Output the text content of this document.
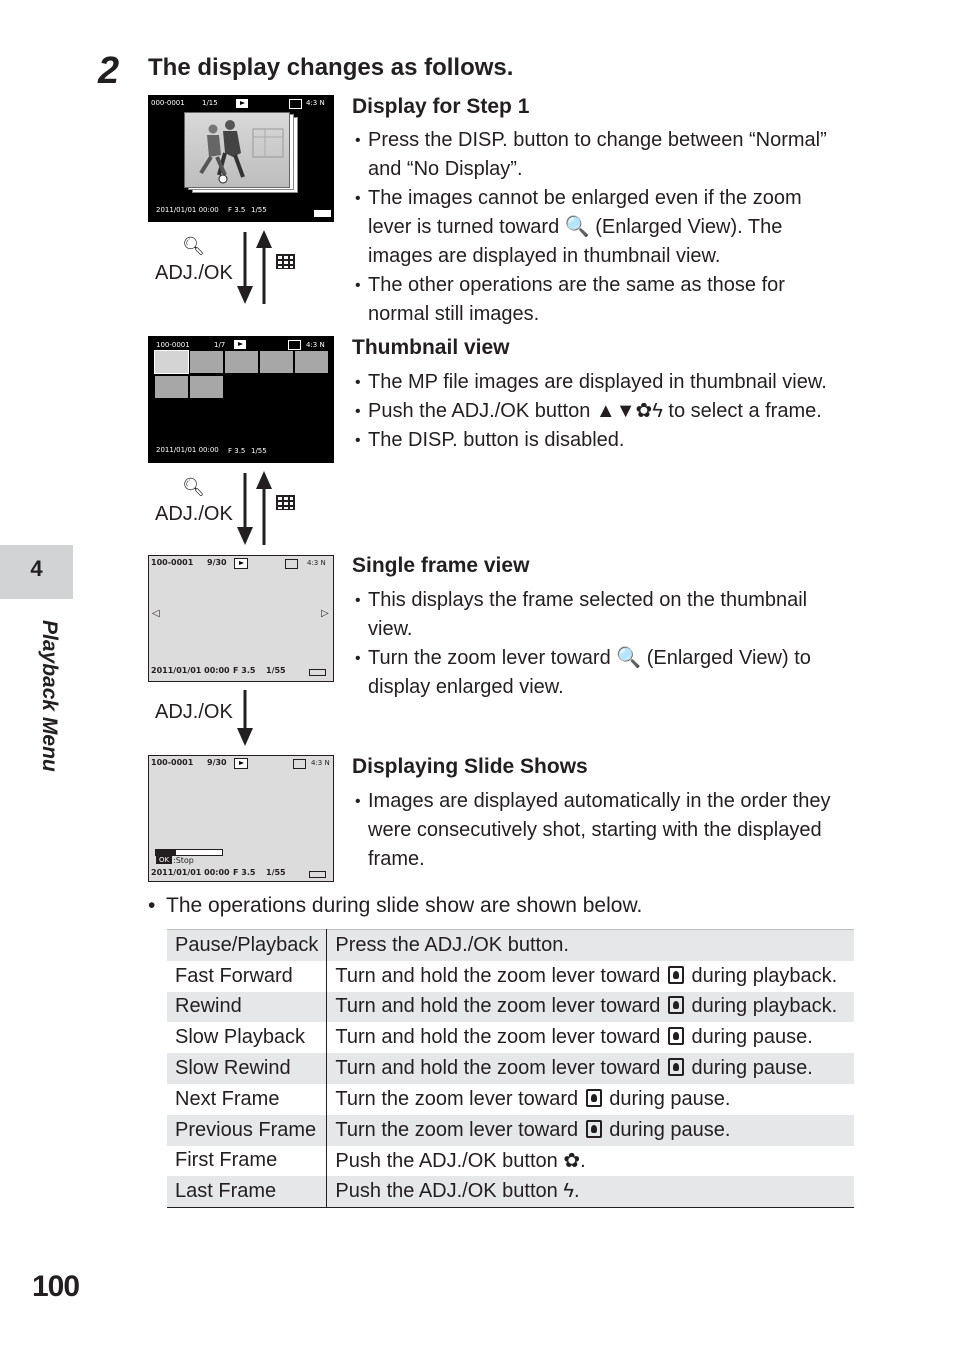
2 The display changes as follows.
000-0001 1/15	4:3 N
2011/01/01 00:00 F 3.5 1/55
🔍︎
ADJ./OK
Display for Step 1
• Press the DISP. button to change between “Normal” and “No Display”.
• The images cannot be enlarged even if the zoom lever is turned toward 🔍 (Enlarged View). The images are displayed in thumbnail view.
• The other operations are the same as those for normal still images.
100-0001	1/7	4:3 N
2011/01/01 00:00 F 3.5 1/55
🔍︎
ADJ./OK
Thumbnail view
• The MP file images are displayed in thumbnail view.
• Push the ADJ./OK button ▲▼✿ϟ to select a frame.
• The DISP. button is disabled.
100-0001 9/30	4:3 N
◁	▷
2011/01/01 00:00 F 3.5 1/55
ADJ./OK
Single frame view
• This displays the frame selected on the thumbnail view.
• Turn the zoom lever toward 🔍 (Enlarged View) to display enlarged view.
100-0001 9/30	4:3 N
OK :Stop
2011/01/01 00:00 F 3.5 1/55
Displaying Slide Shows
• Images are displayed automatically in the order they were consecutively shot, starting with the displayed frame.
• The operations during slide show are shown below.
Pause/Playback	Press the ADJ./OK button.
Fast Forward	Turn and hold the zoom lever toward during playback.
Rewind	Turn and hold the zoom lever toward during playback.
Slow Playback	Turn and hold the zoom lever toward during pause.
Slow Rewind	Turn and hold the zoom lever toward during pause.
Next Frame	Turn the zoom lever toward during pause.
Previous Frame	Turn the zoom lever toward during pause.
First Frame	Push the ADJ./OK button ✿.
Last Frame	Push the ADJ./OK button ϟ.
4
Playback Menu
100
